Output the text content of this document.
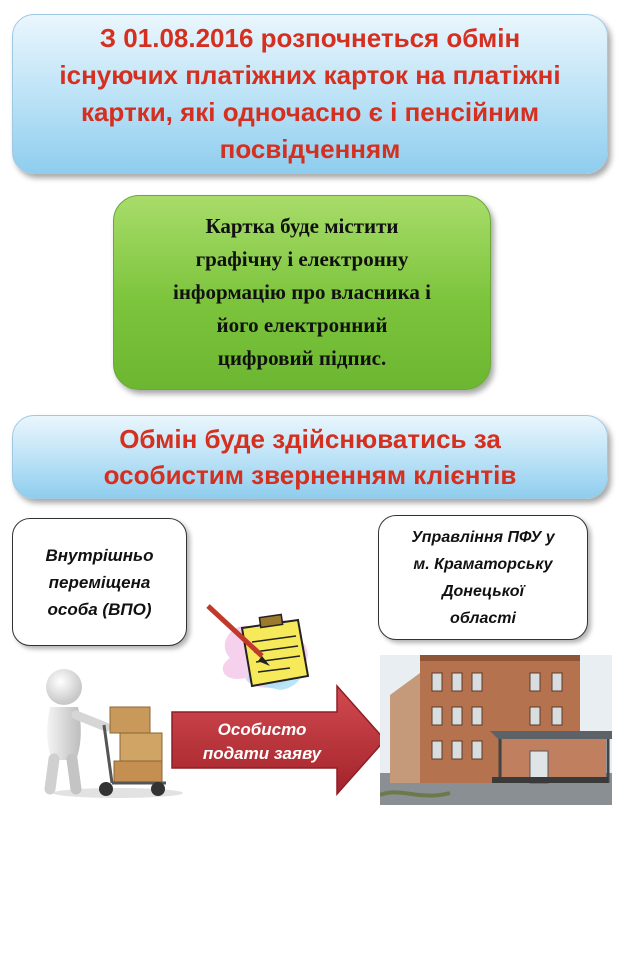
З 01.08.2016 розпочнеться обмін
існуючих платіжних карток на платіжні
картки, які одночасно є і пенсійним
посвідченням
Картка буде містити
графічну і електронну
інформацію про власника і
його електронний
цифровий підпис.
Обмін буде здійснюватись за
особистим зверненням клієнтів
Внутрішньо
переміщена
особа (ВПО)
Управління ПФУ у
м. Краматорську
Донецької
області
Особисто
подати заяву
